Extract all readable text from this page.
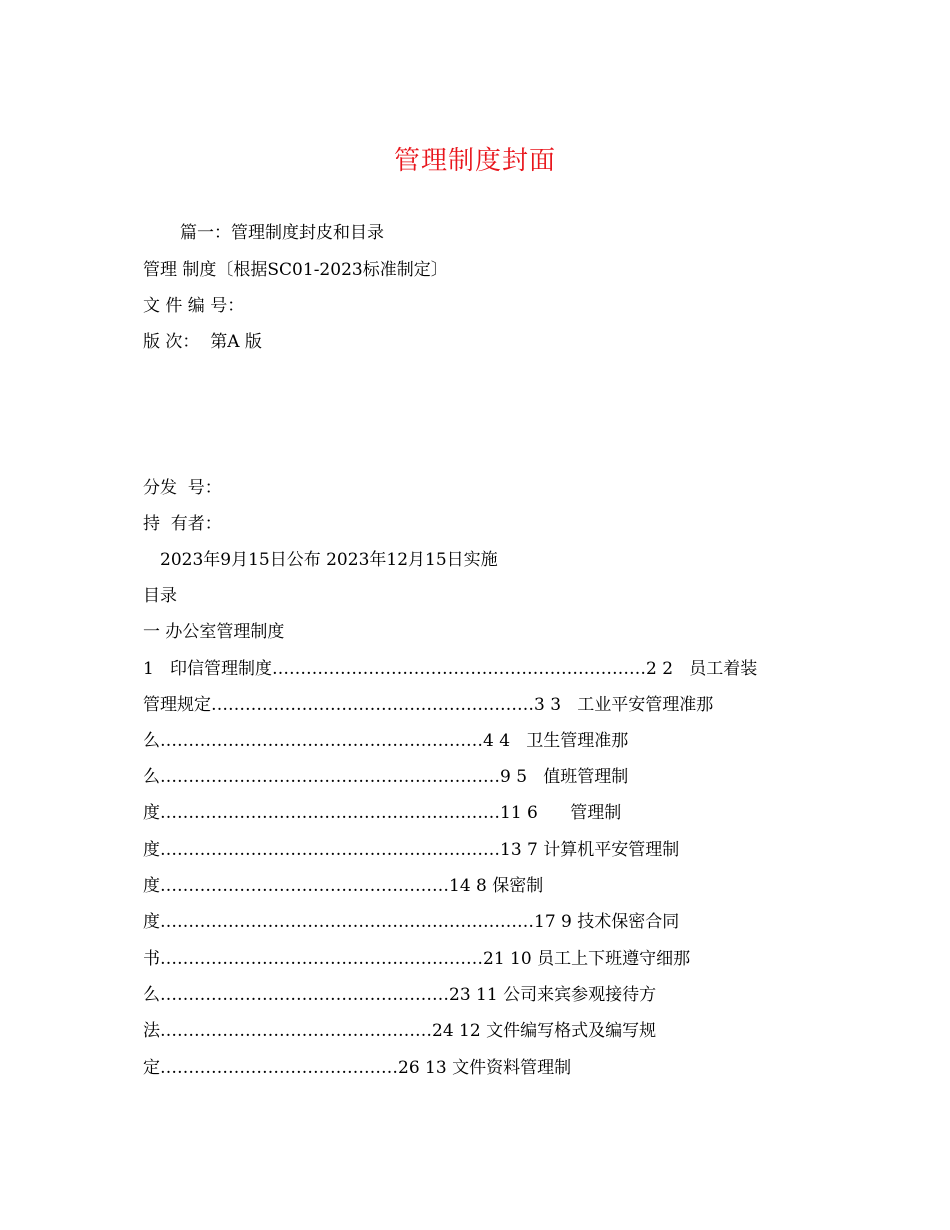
管理制度封面
篇一：管理制度封皮和目录
管理 制度〔根据SC01-2023标准制定〕
文 件 编 号：
版 次：  第A 版
分发  号：
持  有者：
2023年9月15日公布 2023年12月15日实施
目录
一 办公室管理制度
1   印信管理制度…………………………………………………………2 2   员工着装
管理规定…………………………………………………3 3   工业平安管理准那
么…………………………………………………4 4   卫生管理准那
么……………………………………………………9 5   值班管理制
度……………………………………………………11 6      管理制
度……………………………………………………13 7 计算机平安管理制
度……………………………………………14 8 保密制
度…………………………………………………………17 9 技术保密合同
书…………………………………………………21 10 员工上下班遵守细那
么……………………………………………23 11 公司来宾参观接待方
法…………………………………………24 12 文件编写格式及编写规
定……………………………………26 13 文件资料管理制
